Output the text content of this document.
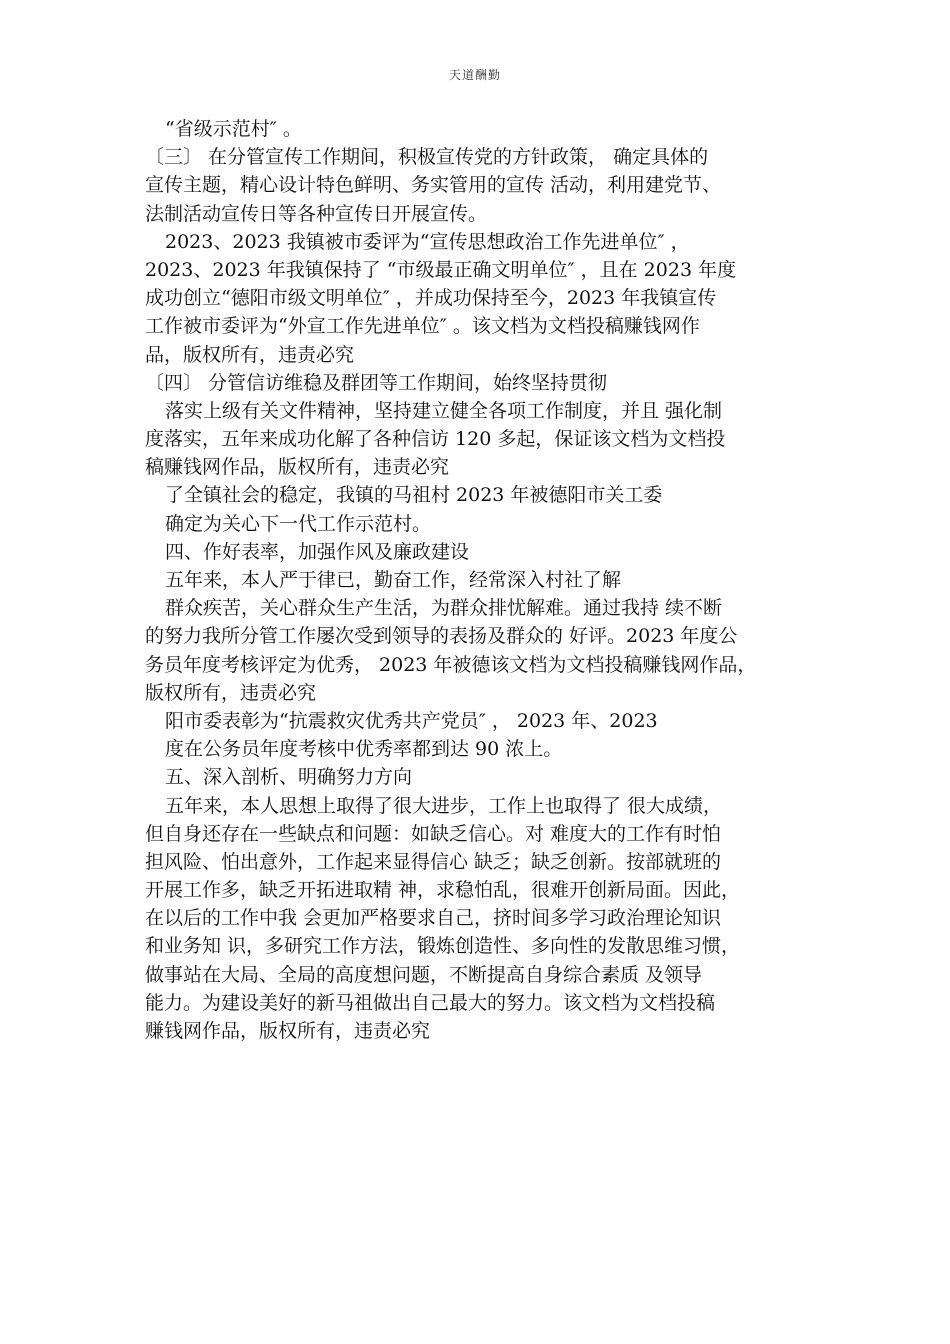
天道酬勤
“省级示范村″ 。
〔三〕 在分管宣传工作期间，积极宣传党的方针政策， 确定具体的
宣传主题，精心设计特色鲜明、务实管用的宣传 活动，利用建党节、
法制活动宣传日等各种宣传日开展宣传。
2023、2023 我镇被市委评为“宣传思想政治工作先进单位″ ，
2023、2023 年我镇保持了 “市级最正确文明单位″ ，且在 2023 年度
成功创立“德阳市级文明单位″ ，并成功保持至今，2023 年我镇宣传
工作被市委评为“外宣工作先进单位″ 。该文档为文档投稿赚钱网作
品，版权所有，违责必究
〔四〕 分管信访维稳及群团等工作期间，始终坚持贯彻
落实上级有关文件精神，坚持建立健全各项工作制度，并且 强化制
度落实，五年来成功化解了各种信访 120 多起，保证该文档为文档投
稿赚钱网作品，版权所有，违责必究
了全镇社会的稳定，我镇的马祖村 2023 年被德阳市关工委
确定为关心下一代工作示范村。
四、作好表率，加强作风及廉政建设
五年来，本人严于律已，勤奋工作，经常深入村社了解
群众疾苦，关心群众生产生活，为群众排忧解难。通过我持 续不断
的努力我所分管工作屡次受到领导的表扬及群众的 好评。2023 年度公
务员年度考核评定为优秀， 2023 年被德该文档为文档投稿赚钱网作品，
版权所有，违责必究
阳市委表彰为“抗震救灾优秀共产党员″ ， 2023 年、2023
度在公务员年度考核中优秀率都到达 90 浓上。
五、深入剖析、明确努力方向
五年来，本人思想上取得了很大进步，工作上也取得了 很大成绩，
但自身还存在一些缺点和问题：如缺乏信心。对 难度大的工作有时怕
担风险、怕出意外，工作起来显得信心 缺乏；缺乏创新。按部就班的
开展工作多，缺乏开拓进取精 神，求稳怕乱，很难开创新局面。因此，
在以后的工作中我 会更加严格要求自己，挤时间多学习政治理论知识
和业务知 识，多研究工作方法，锻炼创造性、多向性的发散思维习惯，
做事站在大局、全局的高度想问题，不断提高自身综合素质 及领导
能力。为建设美好的新马祖做出自己最大的努力。该文档为文档投稿
赚钱网作品，版权所有，违责必究
